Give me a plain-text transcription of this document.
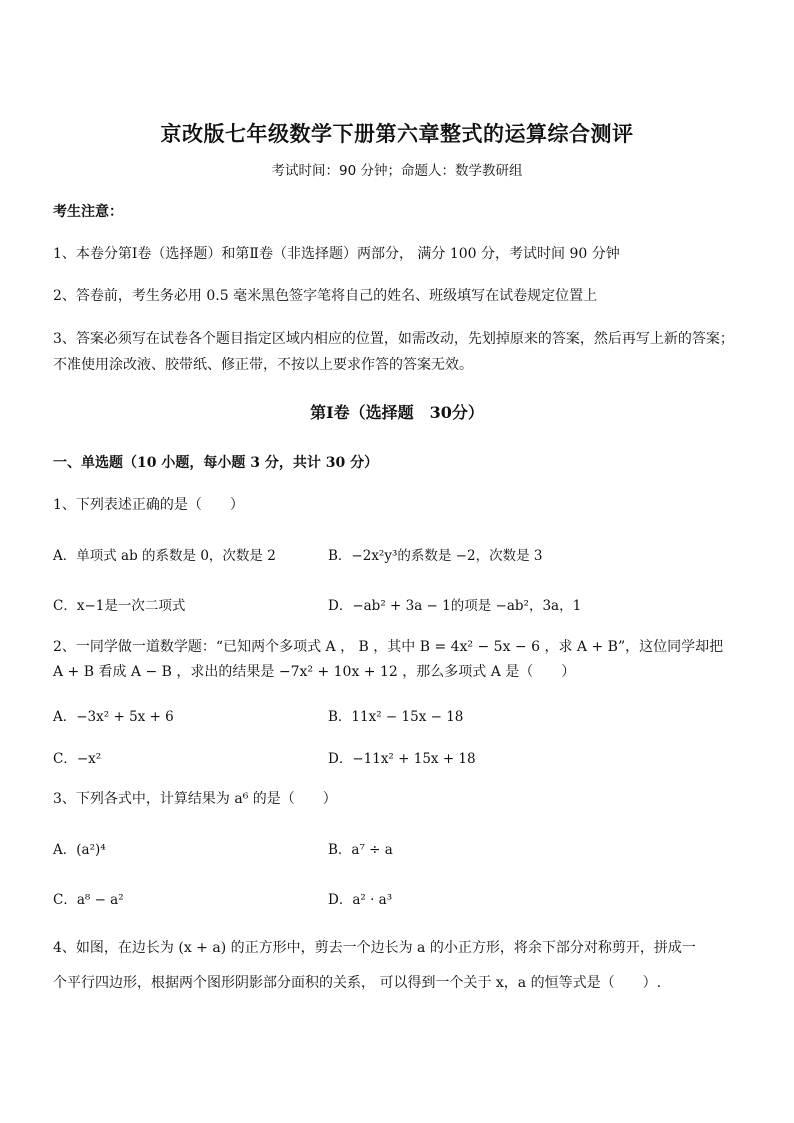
京改版七年级数学下册第六章整式的运算综合测评
考试时间：90 分钟；命题人：数学教研组
考生注意：
1、本卷分第Ⅰ卷（选择题）和第Ⅱ卷（非选择题）两部分， 满分 100 分，考试时间 90 分钟
2、答卷前，考生务必用 0.5 毫米黑色签字笔将自己的姓名、班级填写在试卷规定位置上
3、答案必须写在试卷各个题目指定区域内相应的位置，如需改动，先划掉原来的答案，然后再写上新的答案；不准使用涂改液、胶带纸、修正带，不按以上要求作答的答案无效。
第Ⅰ卷（选择题　30分）
一、单选题（10 小题，每小题 3 分，共计 30 分）
1、下列表述正确的是（　　）
A．单项式 ab 的系数是 0，次数是 2	B．−2x²y³的系数是 −2，次数是 3
C．x−1是一次二项式	D．−ab² + 3a − 1的项是 −ab²，3a，1
2、一同学做一道数学题：“已知两个多项式 A ， B ，其中 B = 4x² − 5x − 6 ，求 A + B”，这位同学却把
A + B 看成 A − B ，求出的结果是 −7x² + 10x + 12 ，那么多项式 A 是（　　）
A．−3x² + 5x + 6	B．11x² − 15x − 18
C．−x²	D．−11x² + 15x + 18
3、下列各式中，计算结果为 a⁶ 的是（　　）
A．(a²)⁴	B．a⁷ ÷ a
C．a⁸ − a²	D．a² · a³
4、如图，在边长为 (x + a) 的正方形中，剪去一个边长为 a 的小正方形，将余下部分对称剪开，拼成一
个平行四边形，根据两个图形阴影部分面积的关系， 可以得到一个关于 x，a 的恒等式是（　　）.
